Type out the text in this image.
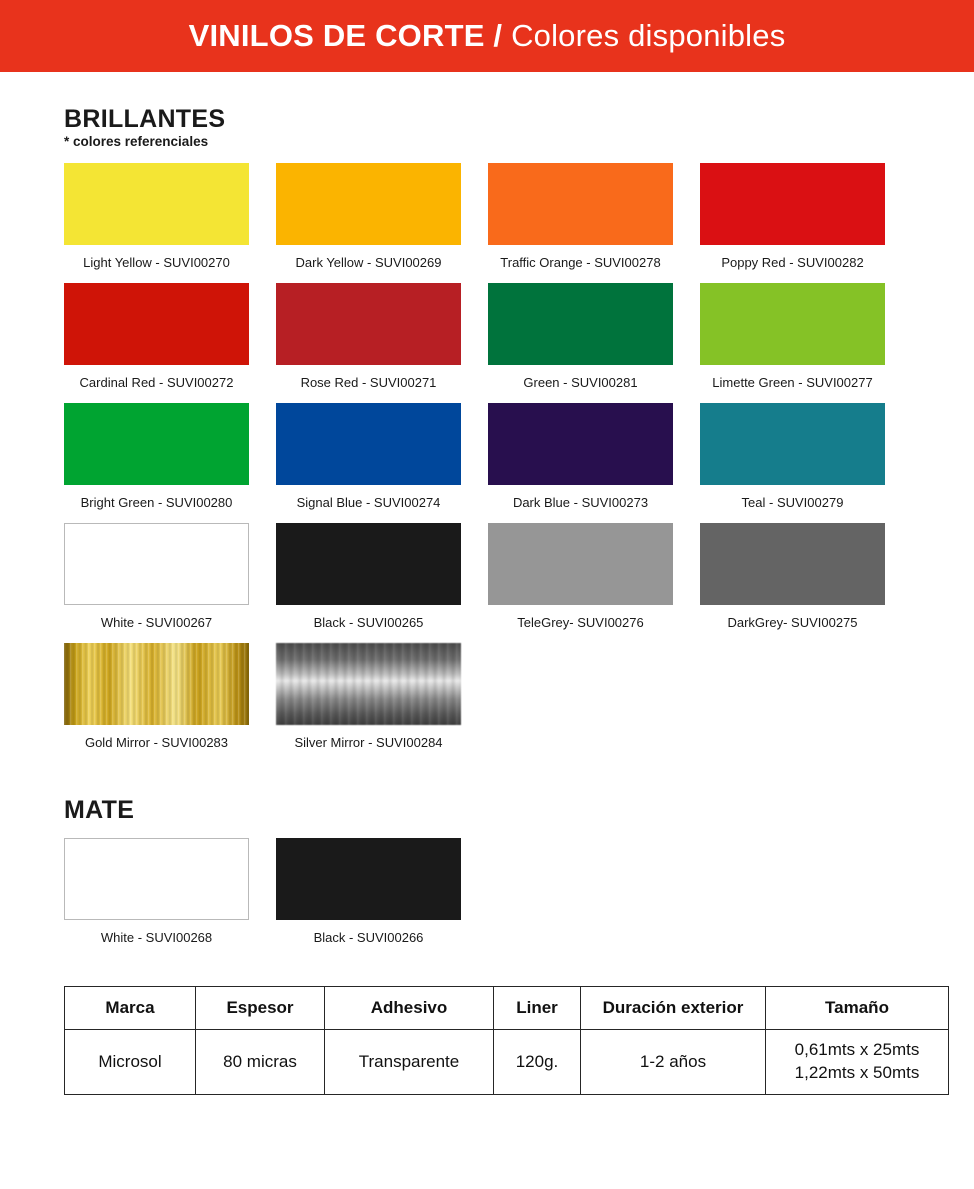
VINILOS DE CORTE / Colores disponibles
BRILLANTES
* colores referenciales
Light Yellow - SUVI00270	Dark Yellow - SUVI00269	Traffic Orange - SUVI00278	Poppy Red - SUVI00282
Cardinal Red - SUVI00272	Rose Red - SUVI00271	Green - SUVI00281	Limette Green - SUVI00277
Bright Green - SUVI00280	Signal Blue - SUVI00274	Dark Blue - SUVI00273	Teal - SUVI00279
White - SUVI00267	Black - SUVI00265	TeleGrey- SUVI00276	DarkGrey- SUVI00275
Gold Mirror - SUVI00283	Silver Mirror - SUVI00284
MATE
White - SUVI00268	Black - SUVI00266
Marca	Espesor	Adhesivo	Liner	Duración exterior	Tamaño
Microsol	80 micras	Transparente	120g.	1-2 años	0,61mts x 25mts
1,22mts x 50mts
